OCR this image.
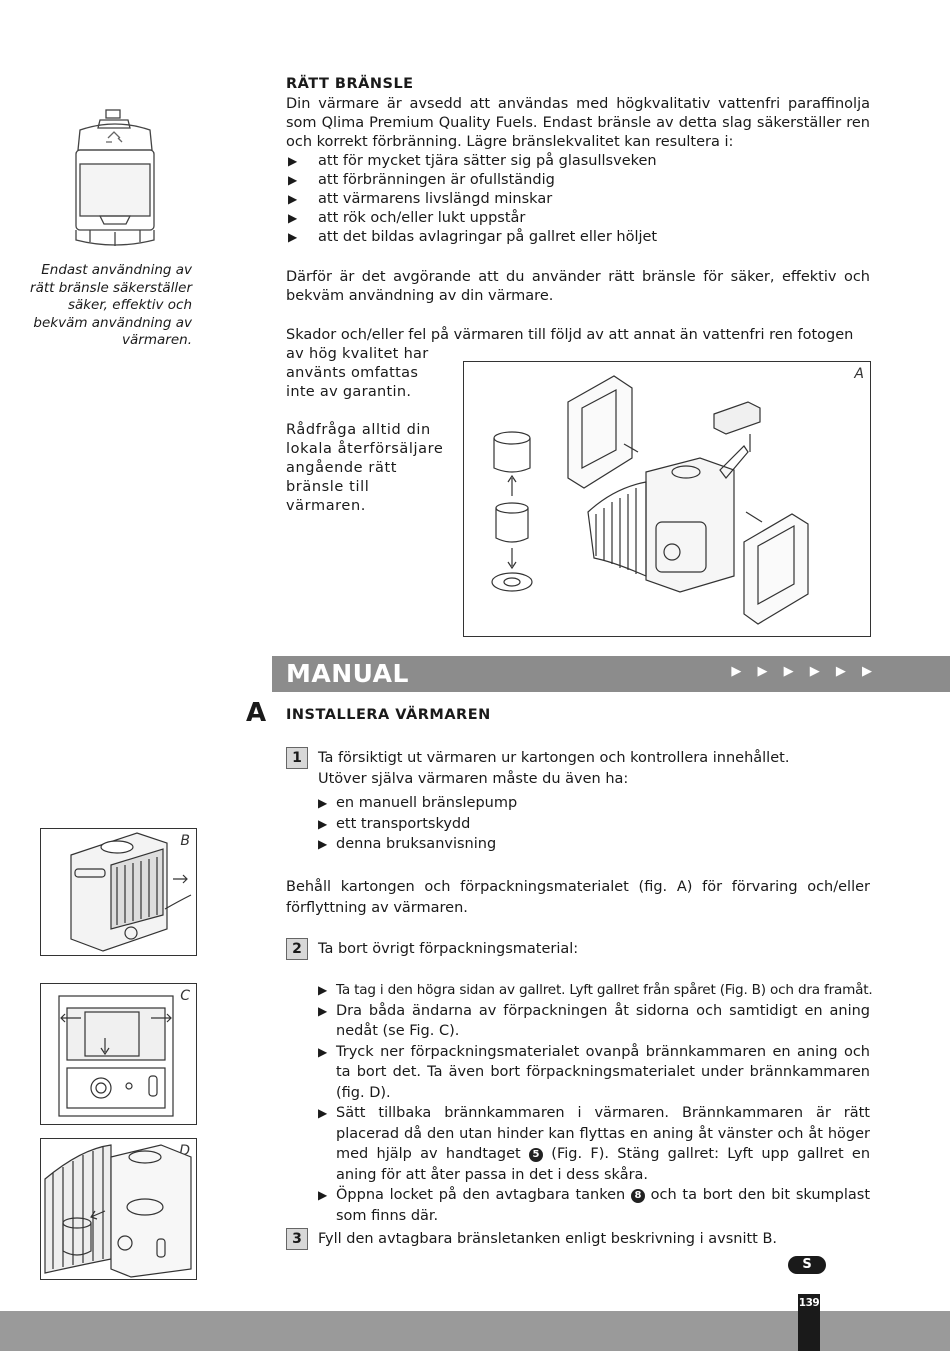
Endast användning av rätt bränsle säkerställer säker, effektiv och bekväm användning av värmaren.
RÄTT BRÄNSLE
Din värmare är avsedd att användas med högkvalitativ vattenfri paraffinolja som Qlima Premium Quality Fuels. Endast bränsle av detta slag säkerställer ren och korrekt förbränning. Lägre bränslekvalitet kan resultera i:
▶ att för mycket tjära sätter sig på glasullsveken
▶ att förbränningen är ofullständig
▶ att värmarens livslängd minskar
▶ att rök och/eller lukt uppstår
▶ att det bildas avlagringar på gallret eller höljet
Därför är det avgörande att du använder rätt bränsle för säker, effektiv och bekväm användning av din värmare.
Skador och/eller fel på värmaren till följd av att annat än vattenfri ren fotogen
av hög kvalitet har använts omfattas inte av garantin.
Rådfråga alltid din lokala återförsäljare angående rätt bränsle till värmaren.
A
MANUAL	▶ ▶ ▶ ▶ ▶ ▶
A INSTALLERA VÄRMAREN
1	Ta försiktigt ut värmaren ur kartongen och kontrollera innehållet.
Utöver själva värmaren måste du även ha:
▶ en manuell bränslepump
▶ ett transportskydd
▶ denna bruksanvisning
Behåll kartongen och förpackningsmaterialet (fig. A) för förvaring och/eller förflyttning av värmaren.
2	Ta bort övrigt förpackningsmaterial:
▶ Ta tag i den högra sidan av gallret. Lyft gallret från spåret (Fig. B) och dra framåt.
▶ Dra båda ändarna av förpackningen åt sidorna och samtidigt en aning nedåt (se Fig. C).
▶ Tryck ner förpackningsmaterialet ovanpå brännkammaren en aning och ta bort det. Ta även bort förpackningsmaterialet under brännkammaren (fig. D).
▶ Sätt tillbaka brännkammaren i värmaren. Brännkammaren är rätt placerad då den utan hinder kan flyttas en aning åt vänster och åt höger med hjälp av handtaget 5 (Fig. F). Stäng gallret: Lyft upp gallret en aning för att åter passa in det i dess skåra.
▶ Öppna locket på den avtagbara tanken 8 och ta bort den bit skumplast som finns där.
3	Fyll den avtagbara bränsletanken enligt beskrivning i avsnitt B.
B
C
D
S
139
